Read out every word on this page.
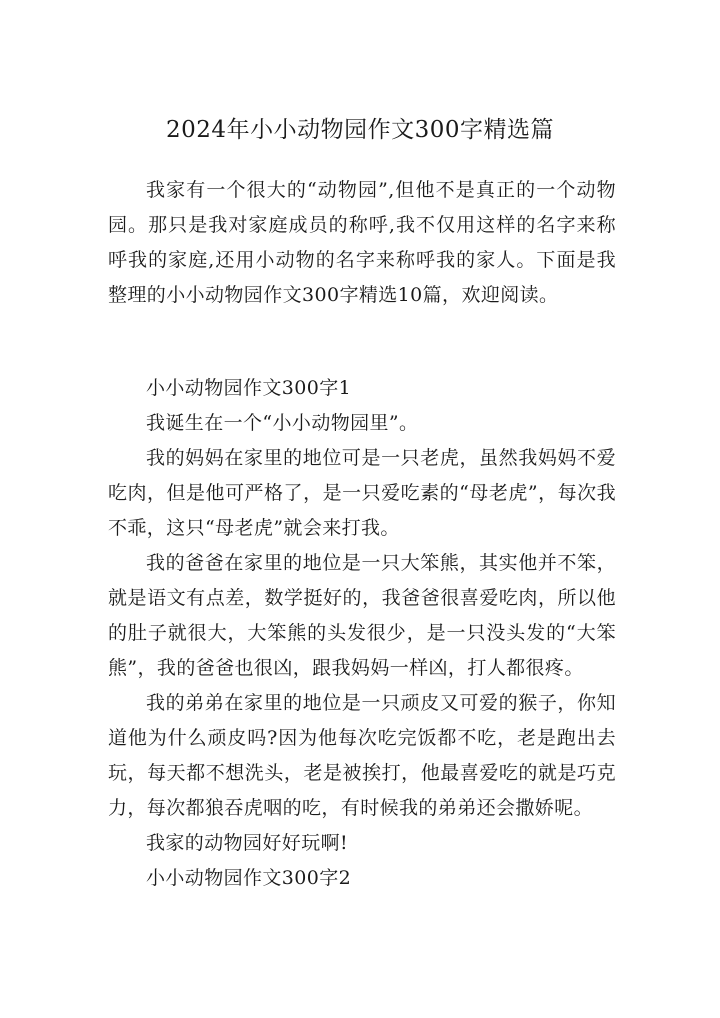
2024年小小动物园作文300字精选篇

我家有一个很大的“动物园”,但他不是真正的一个动物园。那只是我对家庭成员的称呼,我不仅用这样的名字来称呼我的家庭,还用小动物的名字来称呼我的家人。下面是我整理的小小动物园作文300字精选10篇，欢迎阅读。

小小动物园作文300字1

我诞生在一个“小小动物园里”。

我的妈妈在家里的地位可是一只老虎，虽然我妈妈不爱吃肉，但是他可严格了，是一只爱吃素的“母老虎”，每次我不乖，这只“母老虎”就会来打我。

我的爸爸在家里的地位是一只大笨熊，其实他并不笨，就是语文有点差，数学挺好的，我爸爸很喜爱吃肉，所以他的肚子就很大，大笨熊的头发很少，是一只没头发的“大笨熊”，我的爸爸也很凶，跟我妈妈一样凶，打人都很疼。

我的弟弟在家里的地位是一只顽皮又可爱的猴子，你知道他为什么顽皮吗?因为他每次吃完饭都不吃，老是跑出去玩，每天都不想洗头，老是被挨打，他最喜爱吃的就是巧克力，每次都狼吞虎咽的吃，有时候我的弟弟还会撒娇呢。

我家的动物园好好玩啊!

小小动物园作文300字2
